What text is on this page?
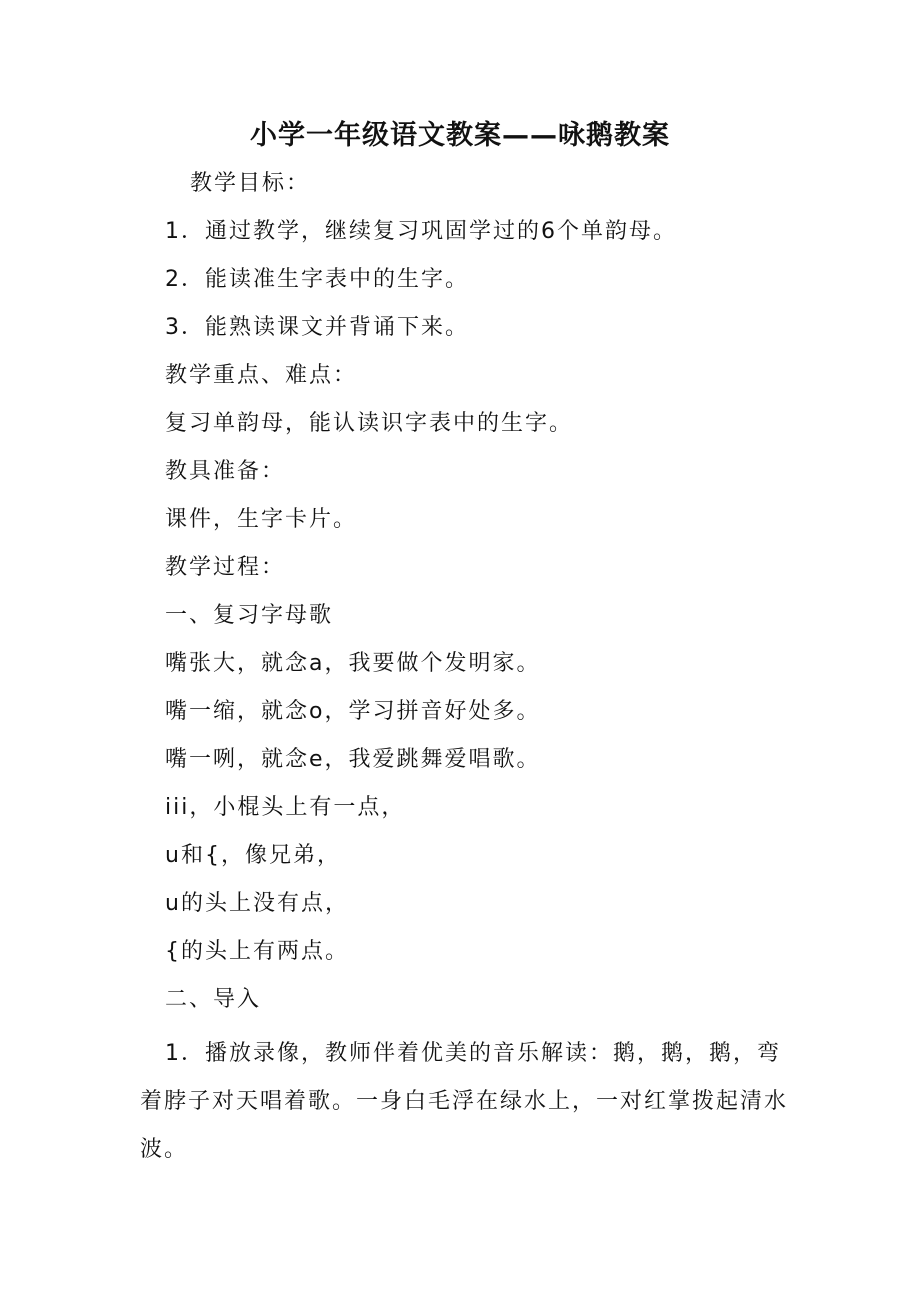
小学一年级语文教案——咏鹅教案
教学目标：
1．通过教学，继续复习巩固学过的6个单韵母。
2．能读准生字表中的生字。
3．能熟读课文并背诵下来。
教学重点、难点：
复习单韵母，能认读识字表中的生字。
教具准备：
课件，生字卡片。
教学过程：
一、复习字母歌
嘴张大，就念a，我要做个发明家。
嘴一缩，就念o，学习拼音好处多。
嘴一咧，就念e，我爱跳舞爱唱歌。
iii，小棍头上有一点，
u和{，像兄弟，
u的头上没有点，
{的头上有两点。
二、导入
1．播放录像，教师伴着优美的音乐解读：鹅，鹅，鹅，弯着脖子对天唱着歌。一身白毛浮在绿水上，一对红掌拨起清水波。
